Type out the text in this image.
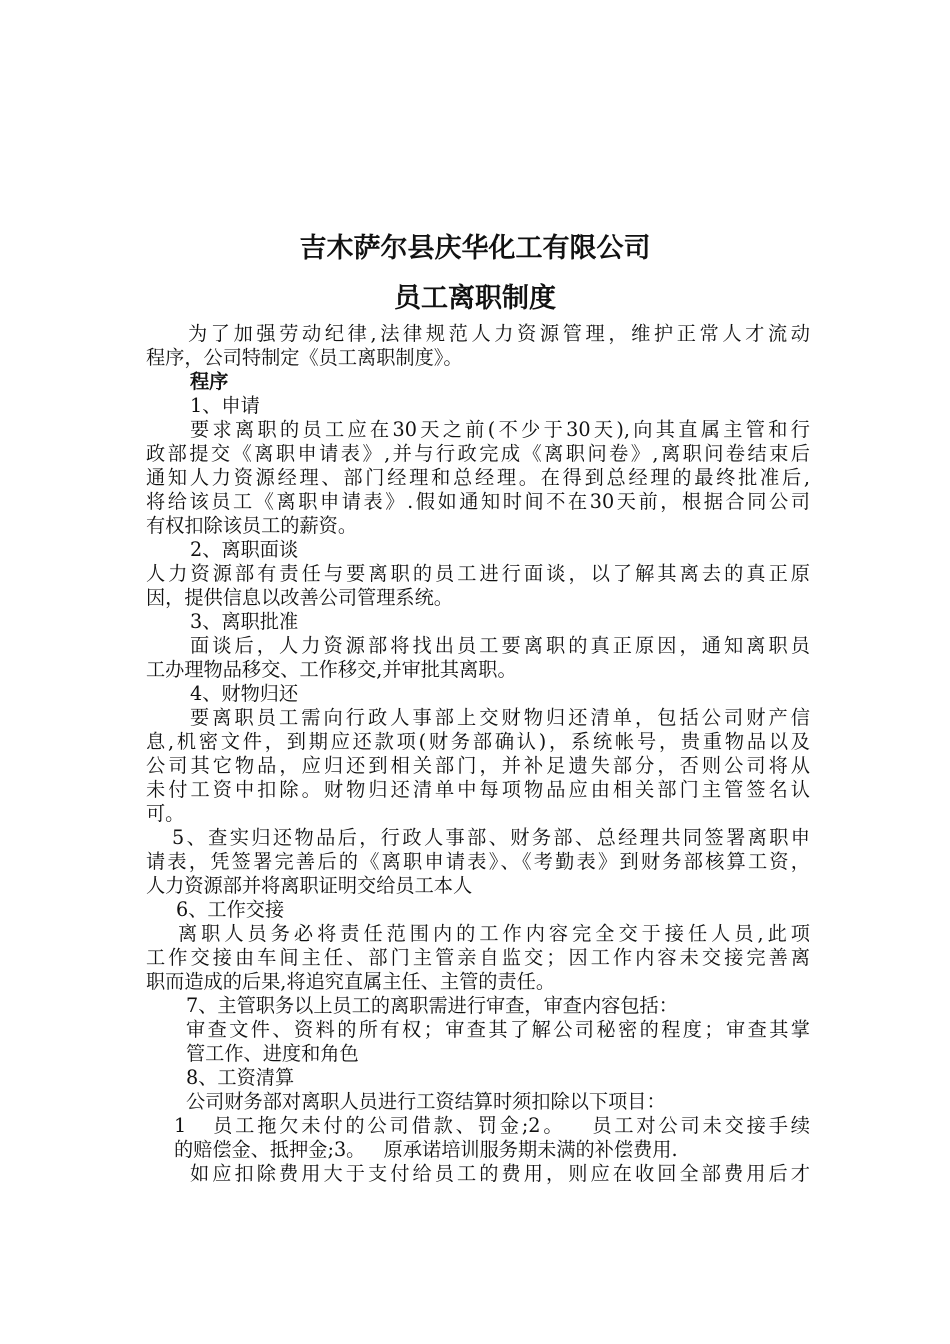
吉木萨尔县庆华化工有限公司
员工离职制度

为了加强劳动纪律,法律规范人力资源管理，维护正常人才流动

程序，公司特制定《员工离职制度》。

程序

1、申请

要求离职的员工应在30天之前(不少于30天),向其直属主管和行

政部提交《离职申请表》,并与行政完成《离职问卷》,离职问卷结束后

通知人力资源经理、部门经理和总经理。在得到总经理的最终批准后,

将给该员工《离职申请表》.假如通知时间不在30天前，根据合同公司

有权扣除该员工的薪资。

2、离职面谈

人力资源部有责任与要离职的员工进行面谈，以了解其离去的真正原

因，提供信息以改善公司管理系统。

3、离职批准

面谈后，人力资源部将找出员工要离职的真正原因，通知离职员

工办理物品移交、工作移交,并审批其离职。

4、财物归还

要离职员工需向行政人事部上交财物归还清单，包括公司财产信

息,机密文件，到期应还款项(财务部确认)，系统帐号，贵重物品以及

公司其它物品，应归还到相关部门，并补足遗失部分，否则公司将从

未付工资中扣除。财物归还清单中每项物品应由相关部门主管签名认

可。

5、查实归还物品后，行政人事部、财务部、总经理共同签署离职申

请表，凭签署完善后的《离职申请表》、《考勤表》到财务部核算工资，

人力资源部并将离职证明交给员工本人

6、工作交接

离职人员务必将责任范围内的工作内容完全交于接任人员,此项

工作交接由车间主任、部门主管亲自监交；因工作内容未交接完善离

职而造成的后果,将追究直属主任、主管的责任。

7、主管职务以上员工的离职需进行审查，审查内容包括：

审查文件、资料的所有权；审查其了解公司秘密的程度；审查其掌

管工作、进度和角色

8、工资清算

公司财务部对离职人员进行工资结算时须扣除以下项目：

1   员工拖欠未付的公司借款、罚金;2。   员工对公司未交接手续

的赔偿金、抵押金;3。   原承诺培训服务期未满的补偿费用.

如应扣除费用大于支付给员工的费用，则应在收回全部费用后才
